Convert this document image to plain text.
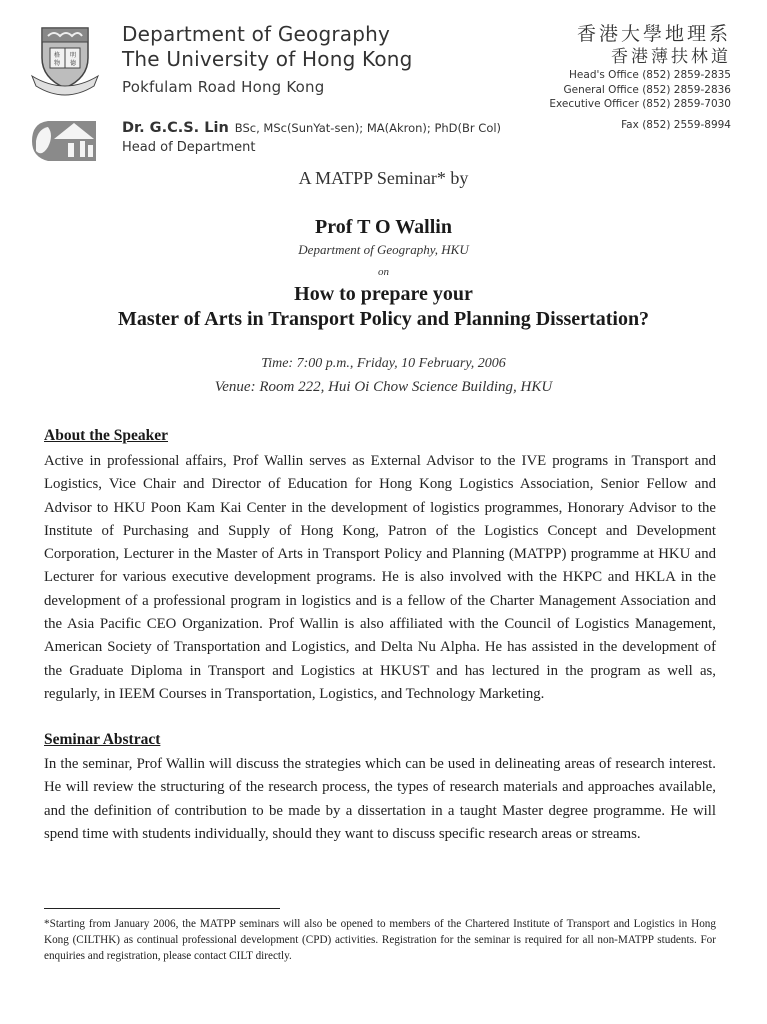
格 明
物 德
Department of Geography
The University of Hong Kong
Pokfulam Road Hong Kong
Dr. G.C.S. Lin BSc, MSc(SunYat-sen); MA(Akron); PhD(Br Col)
Head of Department
香港大學地理系
香港薄扶林道
Head's Office (852) 2859-2835
General Office (852) 2859-2836
Executive Officer (852) 2859-7030
Fax (852) 2559-8994
A MATPP Seminar* by
Prof T O Wallin
Department of Geography, HKU
on
How to prepare your
Master of Arts in Transport Policy and Planning Dissertation?
Time: 7:00 p.m., Friday, 10 February, 2006
Venue: Room 222, Hui Oi Chow Science Building, HKU
About the Speaker
Active in professional affairs, Prof Wallin serves as External Advisor to the IVE programs in Transport and Logistics, Vice Chair and Director of Education for Hong Kong Logistics Association, Senior Fellow and Advisor to HKU Poon Kam Kai Center in the development of logistics programmes, Honorary Advisor to the Institute of Purchasing and Supply of Hong Kong, Patron of the Logistics Concept and Development Corporation, Lecturer in the Master of Arts in Transport Policy and Planning (MATPP) programme at HKU and Lecturer for various executive development programs. He is also involved with the HKPC and HKLA in the development of a professional program in logistics and is a fellow of the Charter Management Association and the Asia Pacific CEO Organization. Prof Wallin is also affiliated with the Council of Logistics Management, American Society of Transportation and Logistics, and Delta Nu Alpha. He has assisted in the development of the Graduate Diploma in Transport and Logistics at HKUST and has lectured in the program as well as, regularly, in IEEM Courses in Transportation, Logistics, and Technology Marketing.
Seminar Abstract
In the seminar, Prof Wallin will discuss the strategies which can be used in delineating areas of research interest. He will review the structuring of the research process, the types of research materials and approaches available, and the definition of contribution to be made by a dissertation in a taught Master degree programme. He will spend time with students individually, should they want to discuss specific research areas or streams.
*Starting from January 2006, the MATPP seminars will also be opened to members of the Chartered Institute of Transport and Logistics in Hong Kong (CILTHK) as continual professional development (CPD) activities. Registration for the seminar is required for all non-MATPP students. For enquiries and registration, please contact CILT directly.
